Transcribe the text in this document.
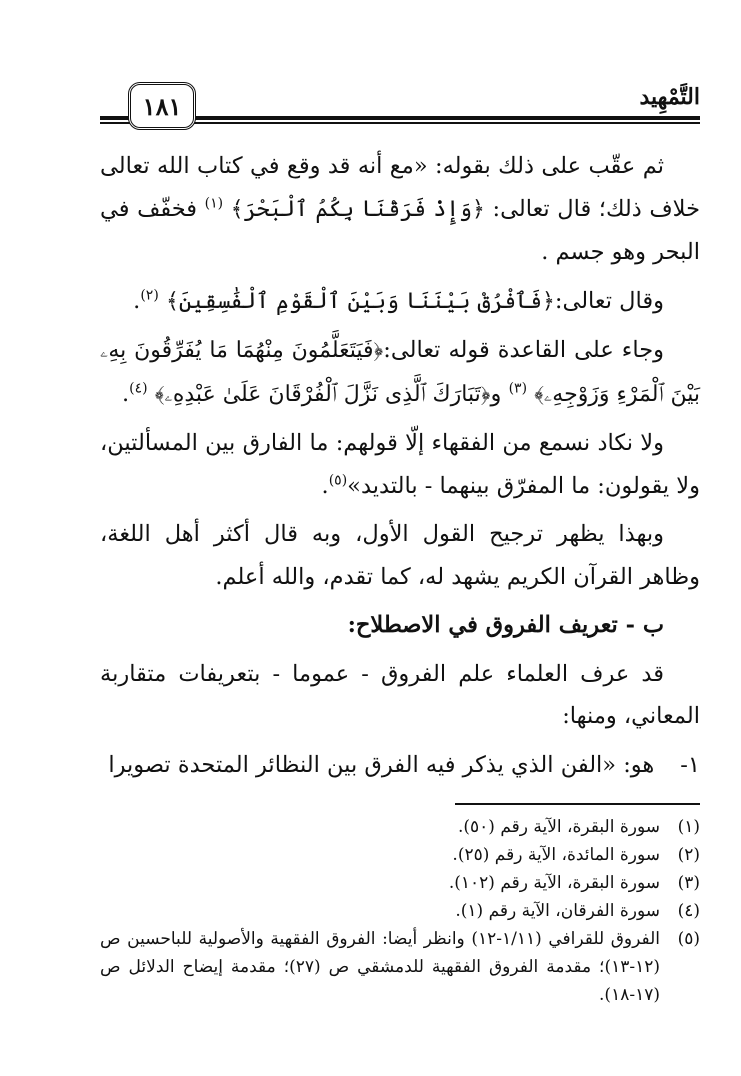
التَّمْهِيد
١٨١

ثم عقّب على ذلك بقوله: «مع أنه قد وقع في كتاب الله تعالى خلاف ذلك؛ قال تعالى: ﴿وَإِذْ فَرَقْنَا بِكُمُ ٱلْبَحْرَ﴾ $^{(١)}$ فخفّف في البحر وهو جسم .

وقال تعالى:﴿فَٱفْرُقْ بَيْنَنَا وَبَيْنَ ٱلْقَوْمِ ٱلْفَٰسِقِينَ﴾ $^{(٢)}$.

وجاء على القاعدة قوله تعالى:﴿فَيَتَعَلَّمُونَ مِنْهُمَا مَا يُفَرِّقُونَ بِهِۦ بَيْنَ ٱلْمَرْءِ وَزَوْجِهِۦ﴾ $^{(٣)}$ و﴿تَبَارَكَ ٱلَّذِى نَزَّلَ ٱلْفُرْقَانَ عَلَىٰ عَبْدِهِۦ﴾ $^{(٤)}$.

ولا نكاد نسمع من الفقهاء إلّا قولهم: ما الفارق بين المسألتين، ولا يقولون: ما المفرّق بينهما - بالتديد»$^{(٥)}$.

وبهذا يظهر ترجيح القول الأول، وبه قال أكثر أهل اللغة، وظاهر القرآن الكريم يشهد له، كما تقدم، والله أعلم.

ب - تعريف الفروق في الاصطلاح:

قد عرف العلماء علم الفروق - عموما - بتعريفات متقاربة المعاني، ومنها:

١-هو: «الفن الذي يذكر فيه الفرق بين النظائر المتحدة تصويرا

(١)
سورة البقرة، الآية رقم (٥٠).
(٢)
سورة المائدة، الآية رقم (٢٥).
(٣)
سورة البقرة، الآية رقم (١٠٢).
(٤)
سورة الفرقان، الآية رقم (١).
(٥)
الفروق للقرافي (١/١١-١٢) وانظر أيضا: الفروق الفقهية والأصولية للباحسين ص (١٢-١٣)؛ مقدمة الفروق الفقهية للدمشقي ص (٢٧)؛ مقدمة إيضاح الدلائل ص (١٧-١٨).
